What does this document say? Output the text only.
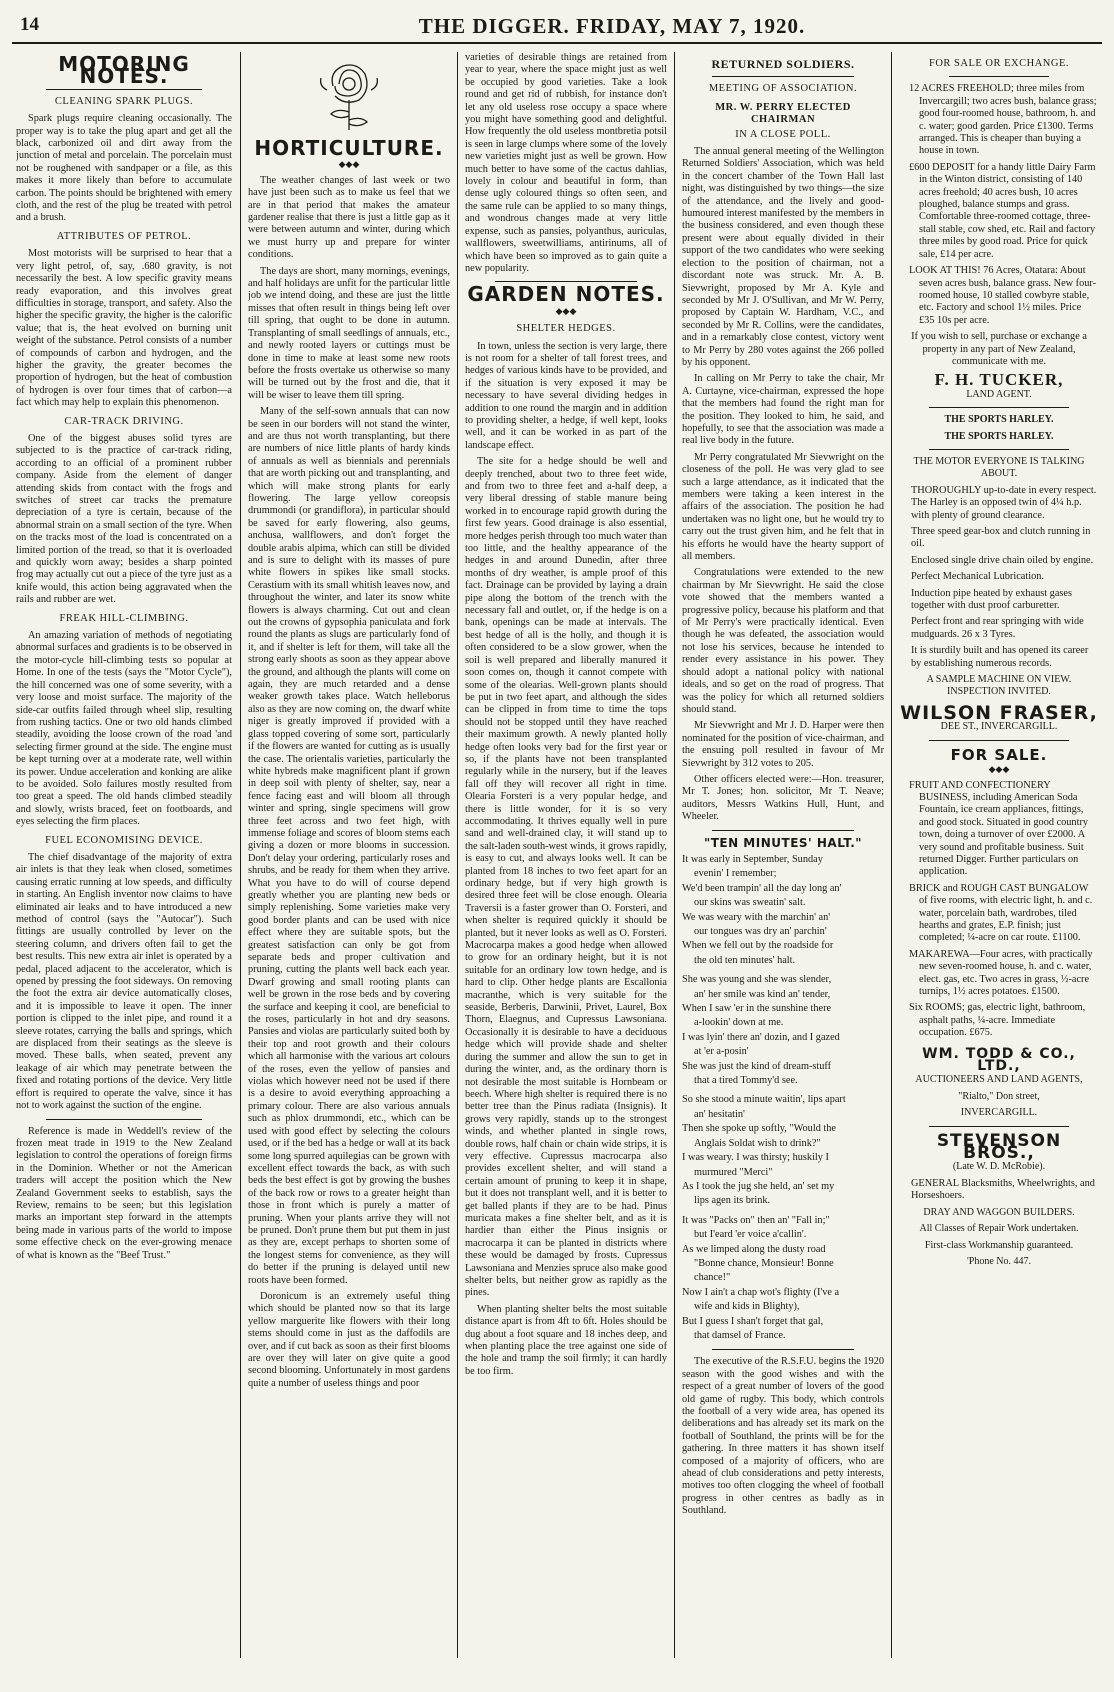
14	THE DIGGER. FRIDAY, MAY 7, 1920.
MOTORING NOTES.
CLEANING SPARK PLUGS.

Spark plugs require cleaning occasionally. The proper way is to take the plug apart and get all the black, carbonized oil and dirt away from the junction of metal and porcelain. The porcelain must not be roughened with sandpaper or a file, as this makes it more likely than before to accumulate carbon. The points should be brightened with emery cloth, and the rest of the plug be treated with petrol and a brush.

ATTRIBUTES OF PETROL.

Most motorists will be surprised to hear that a very light petrol, of, say, .680 gravity, is not necessarily the best. A low specific gravity means ready evaporation, and this involves great difficulties in storage, transport, and safety. Also the higher the specific gravity, the higher is the calorific value; that is, the heat evolved on burning unit weight of the substance. Petrol consists of a number of compounds of carbon and hydrogen, and the higher the gravity, the greater becomes the proportion of hydrogen, but the heat of combustion of hydrogen is over four times that of carbon—a fact which may help to explain this phenomenon.

CAR-TRACK DRIVING.

One of the biggest abuses solid tyres are subjected to is the practice of car-track riding, according to an official of a prominent rubber company. Aside from the element of danger attending skids from contact with the frogs and switches of street car tracks the premature depreciation of a tyre is certain, because of the abnormal strain on a small section of the tyre. When on the tracks most of the load is concentrated on a limited portion of the tread, so that it is overloaded and quickly worn away; besides a sharp pointed frog may actually cut out a piece of the tyre just as a knife would, this action being aggravated when the rails and rubber are wet.

FREAK HILL-CLIMBING.

An amazing variation of methods of negotiating abnormal surfaces and gradients is to be observed in the motor-cycle hill-climbing tests so popular at Home. In one of the tests (says the "Motor Cycle"), the hill concerned was one of some severity, with a very loose and moist surface. The majority of the side-car outfits failed through wheel slip, resulting from rushing tactics. One or two old hands climbed steadily, avoiding the loose crown of the road 'and selecting firmer ground at the side. The engine must be kept turning over at a moderate rate, well within its power. Undue acceleration and konking are alike to be avoided. Solo failures mostly resulted from too great a speed. The old hands climbed steadily and slowly, wrists braced, feet on footboards, and eyes selecting the firm places.

FUEL ECONOMISING DEVICE.

The chief disadvantage of the majority of extra air inlets is that they leak when closed, sometimes causing erratic running at low speeds, and difficulty in starting. An English inventor now claims to have eliminated air leaks and to have introduced a new method of control (says the "Autocar"). Such fittings are usually controlled by lever on the steering column, and drivers often fail to get the best results. This new extra air inlet is operated by a pedal, placed adjacent to the accelerator, which is opened by pressing the foot sideways. On removing the foot the extra air device automatically closes, and it is impossible to leave it open. The inner portion is clipped to the inlet pipe, and round it a sleeve rotates, carrying the balls and springs, which are displaced from their seatings as the sleeve is moved. These balls, when seated, prevent any leakage of air which may penetrate between the fixed and rotating portions of the device. Very little effort is required to operate the valve, since it has not to work against the suction of the engine.

Reference is made in Weddell's review of the frozen meat trade in 1919 to the New Zealand legislation to control the operations of foreign firms in the Dominion. Whether or not the American traders will accept the position which the New Zealand Government seeks to establish, says the Review, remains to be seen; but this legislation marks an important step forward in the attempts being made in various parts of the world to impose some effective check on the ever-growing menace of what is known as the "Beef Trust."

HORTICULTURE.
◆◆◆

The weather changes of last week or two have just been such as to make us feel that we are in that period that makes the amateur gardener realise that there is just a little gap as it were between autumn and winter, during which we must hurry up and prepare for winter conditions.

The days are short, many mornings, evenings, and half holidays are unfit for the particular little job we intend doing, and these are just the little misses that often result in things being left over till spring, that ought to be done in autumn. Transplanting of small seedlings of annuals, etc., and newly rooted layers or cuttings must be done in time to make at least some new roots before the frosts overtake us otherwise so many will be turned out by the frost and die, that it will be wiser to leave them till spring.

Many of the self-sown annuals that can now be seen in our borders will not stand the winter, and are thus not worth transplanting, but there are numbers of nice little plants of hardy kinds of annuals as well as biennials and perennials that are worth picking out and transplanting, and which will make strong plants for early flowering. The large yellow coreopsis drummondi (or grandiflora), in particular should be saved for early flowering, also geums, anchusa, wallflowers, and don't forget the double arabis alpima, which can still be divided and is sure to delight with its masses of pure white flowers in spikes like small stocks. Cerastium with its small whitish leaves now, and throughout the winter, and later its snow white flowers is always charming. Cut out and clean out the crowns of gypsophia paniculata and fork round the plants as slugs are particularly fond of it, and if shelter is left for them, will take all the strong early shoots as soon as they appear above the ground, and although the plants will come on again, they are much retarded and a dense weaker growth takes place. Watch helleborus also as they are now coming on, the dwarf white niger is greatly improved if provided with a glass topped covering of some sort, particularly if the flowers are wanted for cutting as is usually the case. The orientalis varieties, particularly the white hybreds make magnificent plant if grown in deep soil with plenty of shelter, say, near a fence facing east and will bloom all through winter and spring, single specimens will grow three feet across and two feet high, with immense foliage and scores of bloom stems each giving a dozen or more blooms in succession. Don't delay your ordering, particularly roses and shrubs, and be ready for them when they arrive. What you have to do will of course depend greatly whether you are planting new beds or simply replenishing. Some varieties make very good border plants and can be used with nice effect where they are suitable spots, but the greatest satisfaction can only be got from separate beds and proper cultivation and pruning, cutting the plants well back each year. Dwarf growing and small rooting plants can well be grown in the rose beds and by covering the surface and keeping it cool, are beneficial to the roses, particularly in hot and dry seasons. Pansies and violas are particularly suited both by their top and root growth and their colours which all harmonise with the various art colours of the roses, even the yellow of pansies and violas which however need not be used if there is a desire to avoid everything approaching a primary colour. There are also various annuals such as phlox drummondi, etc., which can be used with good effect by selecting the colours used, or if the bed has a hedge or wall at its back some long spurred aquilegias can be grown with excellent effect towards the back, as with such beds the best effect is got by growing the bushes of the back row or rows to a greater height than those in front which is purely a matter of pruning. When your plants arrive they will not be pruned. Don't prune them but put them in just as they are, except perhaps to shorten some of the longest stems for convenience, as they will do better if the pruning is delayed until new roots have been formed.

Doronicum is an extremely useful thing which should be planted now so that its large yellow marguerite like flowers with their long stems should come in just as the daffodils are over, and if cut back as soon as their first blooms are over they will later on give quite a good second blooming. Unfortunately in most gardens quite a number of useless things and poor

varieties of desirable things are retained from year to year, where the space might just as well be occupied by good varieties. Take a look round and get rid of rubbish, for instance don't let any old useless rose occupy a space where you might have something good and delightful. How frequently the old useless montbretia potsil is seen in large clumps where some of the lovely new varieties might just as well be grown. How much better to have some of the cactus dahlias, lovely in colour and beautiful in form, than dense ugly coloured things so often seen, and the same rule can be applied to so many things, and wondrous changes made at very little expense, such as pansies, polyanthus, auriculas, wallflowers, sweetwilliams, antirinums, all of which have been so improved as to gain quite a new popularity.

GARDEN NOTES.
◆◆◆
SHELTER HEDGES.

In town, unless the section is very large, there is not room for a shelter of tall forest trees, and hedges of various kinds have to be provided, and if the situation is very exposed it may be necessary to have several dividing hedges in addition to one round the margin and in addition to providing shelter, a hedge, if well kept, looks well, and it can be worked in as part of the landscape effect.

The site for a hedge should be well and deeply trenched, about two to three feet wide, and from two to three feet and a-half deep, a very liberal dressing of stable manure being worked in to encourage rapid growth during the first few years. Good drainage is also essential, more hedges perish through too much water than too little, and the healthy appearance of the hedges in and around Dunedin, after three months of dry weather, is ample proof of this fact. Drainage can be provided by laying a drain pipe along the bottom of the trench with the necessary fall and outlet, or, if the hedge is on a bank, openings can be made at intervals. The best hedge of all is the holly, and though it is often considered to be a slow grower, when the soil is well prepared and liberally manured it soon comes on, though it cannot compete with some of the olearias. Well-grown plants should be put in two feet apart, and although the sides can be clipped in from time to time the tops should not be stopped until they have reached their maximum growth. A newly planted holly hedge often looks very bad for the first year or so, if the plants have not been transplanted regularly while in the nursery, but if the leaves fall off they will recover all right in time. Olearia Forsteri is a very popular hedge, and there is little wonder, for it is so very accommodating. It thrives equally well in pure sand and well-drained clay, it will stand up to the salt-laden south-west winds, it grows rapidly, is easy to cut, and always looks well. It can be planted from 18 inches to two feet apart for an ordinary hedge, but if very high growth is desired three feet will be close enough. Olearia Traversii is a faster grower than O. Forsteri, and when shelter is required quickly it should be planted, but it never looks as well as O. Forsteri. Macrocarpa makes a good hedge when allowed to grow for an ordinary height, but it is not suitable for an ordinary low town hedge, and is hard to clip. Other hedge plants are Escallonia macranthe, which is very suitable for the seaside, Berberis, Darwinii, Privet, Laurel, Box Thorn, Elaegnus, and Cupressus Lawsoniana. Occasionally it is desirable to have a deciduous hedge which will provide shade and shelter during the summer and allow the sun to get in during the winter, and, as the ordinary thorn is not desirable the most suitable is Hornbeam or beech. Where high shelter is required there is no better tree than the Pinus radiata (Insignis). It grows very rapidly, stands up to the strongest winds, and whether planted in single rows, double rows, half chain or chain wide strips, it is very effective. Cupressus macrocarpa also provides excellent shelter, and will stand a certain amount of pruning to keep it in shape, but it does not transplant well, and it is better to get balled plants if they are to be had. Pinus muricata makes a fine shelter belt, and as it is hardier than either the Pinus insignis or macrocarpa it can be planted in districts where these would be damaged by frosts. Cupressus Lawsoniana and Menzies spruce also make good shelter belts, but neither grow as rapidly as the pines.

When planting shelter belts the most suitable distance apart is from 4ft to 6ft. Holes should be dug about a foot square and 18 inches deep, and when planting place the tree against one side of the hole and tramp the soil firmly; it can hardly be too firm.

RETURNED SOLDIERS.
MEETING OF ASSOCIATION.
MR. W. PERRY ELECTED CHAIRMAN
IN A CLOSE POLL.

The annual general meeting of the Wellington Returned Soldiers' Association, which was held in the concert chamber of the Town Hall last night, was distinguished by two things—the size of the attendance, and the lively and good-humoured interest manifested by the members in the business considered, and even though these present were about equally divided in their support of the two candidates who were seeking election to the position of chairman, not a discordant note was struck. Mr. A. B. Sievwright, proposed by Mr A. Kyle and seconded by Mr J. O'Sullivan, and Mr W. Perry, proposed by Captain W. Hardham, V.C., and seconded by Mr R. Collins, were the candidates, and in a remarkably close contest, victory went to Mr Perry by 280 votes against the 266 polled by his opponent.

In calling on Mr Perry to take the chair, Mr A. Curtayne, vice-chairman, expressed the hope that the members had found the right man for the position. They looked to him, he said, and hopefully, to see that the association was made a real live body in the future.

Mr Perry congratulated Mr Sievwright on the closeness of the poll. He was very glad to see such a large attendance, as it indicated that the members were taking a keen interest in the affairs of the association. The position he had undertaken was no light one, but he would try to carry out the trust given him, and he felt that in his efforts he would have the hearty support of all members.

Congratulations were extended to the new chairman by Mr Sievwright. He said the close vote showed that the members wanted a progressive policy, because his platform and that of Mr Perry's were practically identical. Even though he was defeated, the association would not lose his services, because he intended to render every assistance in his power. They should adopt a national policy with national ideals, and so get on the road of progress. That was the policy for which all returned soldiers should stand.

Mr Sievwright and Mr J. D. Harper were then nominated for the position of vice-chairman, and the ensuing poll resulted in favour of Mr Sievwright by 312 votes to 205.

Other officers elected were:—Hon. treasurer, Mr T. Jones; hon. solicitor, Mr T. Neave; auditors, Messrs Watkins Hull, Hunt, and Wheeler.

"TEN MINUTES' HALT."

It was early in September, Sunday

evenin' I remember;

We'd been trampin' all the day long an'

our skins was sweatin' salt.

We was weary with the marchin' an'

our tongues was dry an' parchin'

When we fell out by the roadside for

the old ten minutes' halt.

She was young and she was slender,

an' her smile was kind an' tender,

When I saw 'er in the sunshine there

a-lookin' down at me.

I was lyin' there an' dozin, and I gazed

at 'er a-posin'

She was just the kind of dream-stuff

that a tired Tommy'd see.

So she stood a minute waitin', lips apart

an' hesitatin'

Then she spoke up softly, "Would the

Anglais Soldat wish to drink?"

I was weary. I was thirsty; huskily I

murmured "Merci"

As I took the jug she held, an' set my

lips agen its brink.

It was "Packs on" then an' "Fall in;"

but I'eard 'er voice a'callin'.

As we limped along the dusty road

"Bonne chance, Monsieur! Bonne

chance!"

Now I ain't a chap wot's flighty (I've a

wife and kids in Blighty),

But I guess I shan't forget that gal,

that damsel of France.

The executive of the R.S.F.U. begins the 1920 season with the good wishes and with the respect of a great number of lovers of the good old game of rugby. This body, which controls the football of a very wide area, has opened its deliberations and has already set its mark on the football of Southland, the prints will be for the gathering. In three matters it has shown itself composed of a majority of officers, who are ahead of club considerations and petty interests, motives too often clogging the wheel of football progress in other centres as badly as in Southland.

FOR SALE OR EXCHANGE.

12 ACRES FREEHOLD; three miles from Invercargill; two acres bush, balance grass; good four-roomed house, bathroom, h. and c. water; good garden. Price £1300. Terms arranged. This is cheaper than buying a house in town.

£600 DEPOSIT for a handy little Dairy Farm in the Winton district, consisting of 140 acres freehold; 40 acres bush, 10 acres ploughed, balance stumps and grass. Comfortable three-roomed cottage, three-stall stable, cow shed, etc. Rail and factory three miles by good road. Price for quick sale, £14 per acre.

LOOK AT THIS! 76 Acres, Otatara: About seven acres bush, balance grass. New four-roomed house, 10 stalled cowbyre stable, etc. Factory and school 1½ miles. Price £35 10s per acre.

If you wish to sell, purchase or exchange a property in any part of New Zealand, communicate with me.

F. H. TUCKER,
LAND AGENT.
THE SPORTS HARLEY.
THE SPORTS HARLEY.
THE MOTOR EVERYONE IS TALKING ABOUT.

THOROUGHLY up-to-date in every respect. The Harley is an opposed twin of 4¼ h.p. with plenty of ground clearance.

Three speed gear-box and clutch running in oil.

Enclosed single drive chain oiled by engine.

Perfect Mechanical Lubrication.

Induction pipe heated by exhaust gases together with dust proof carburetter.

Perfect front and rear springing with wide mudguards. 26 x 3 Tyres.

It is sturdily built and has opened its career by establishing numerous records.

A SAMPLE MACHINE ON VIEW. INSPECTION INVITED.
WILSON FRASER,
DEE ST., INVERCARGILL.
FOR SALE.
◆◆◆

FRUIT AND CONFECTIONERY BUSINESS, including American Soda Fountain, ice cream appliances, fittings, and good stock. Situated in good country town, doing a turnover of over £2000. A very sound and profitable business. Suit returned Digger. Further particulars on application.

BRICK and ROUGH CAST BUNGALOW of five rooms, with electric light, h. and c. water, porcelain bath, wardrobes, tiled hearths and grates, E.P. finish; just completed; ¼-acre on car route. £1100.

MAKAREWA—Four acres, with practically new seven-roomed house, h. and c. water, elect. gas, etc. Two acres in grass, ½-acre turnips, 1½ acres potatoes. £1500.

Six ROOMS; gas, electric light, bathroom, asphalt paths, ¼-acre. Immediate occupation. £675.

WM. TODD & CO., LTD.,
AUCTIONEERS AND LAND AGENTS,
"Rialto," Don street,
INVERCARGILL.
STEVENSON BROS.,
(Late W. D. McRobie).

GENERAL Blacksmiths, Wheelwrights, and Horseshoers.

DRAY AND WAGGON BUILDERS.
All Classes of Repair Work undertaken.
First-class Workmanship guaranteed.
'Phone No. 447.
